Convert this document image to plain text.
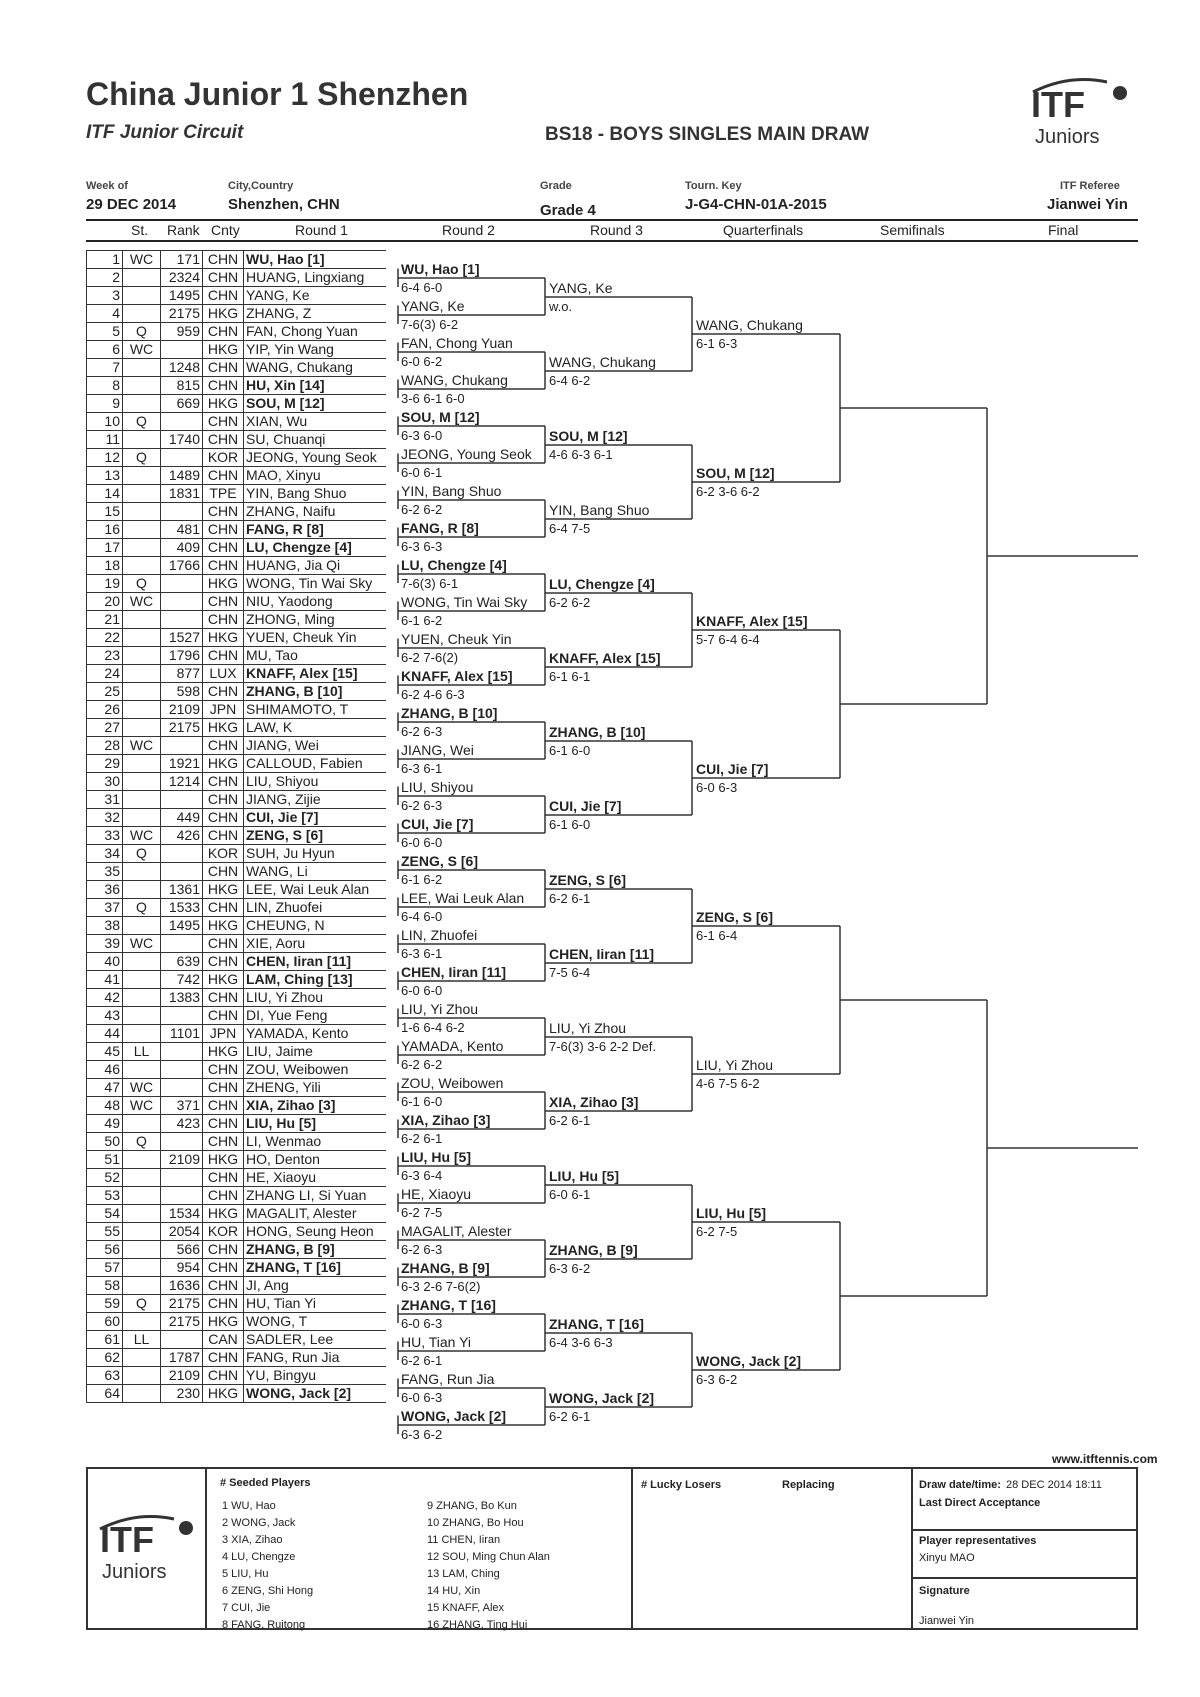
China Junior 1 Shenzhen
ITF Junior Circuit	BS18 - BOYS SINGLES MAIN DRAW
ITF
Juniors
Week of
29 DEC 2014
City,Country
Shenzhen, CHN
Grade
Grade 4
Tourn. Key
J-G4-CHN-01A-2015
ITF Referee
Jianwei Yin
St. Rank Cnty	Round 1	Round 2	Round 3	Quarterfinals	Semifinals	Final
1	WC	171	CHN	WU, Hao [1]
2		2324	CHN	HUANG, Lingxiang
3		1495	CHN	YANG, Ke
4		2175	HKG	ZHANG, Z
5	Q	959	CHN	FAN, Chong Yuan
6	WC		HKG	YIP, Yin Wang
7		1248	CHN	WANG, Chukang
8		815	CHN	HU, Xin [14]
9		669	HKG	SOU, M [12]
10	Q		CHN	XIAN, Wu
11		1740	CHN	SU, Chuanqi
12	Q		KOR	JEONG, Young Seok
13		1489	CHN	MAO, Xinyu
14		1831	TPE	YIN, Bang Shuo
15			CHN	ZHANG, Naifu
16		481	CHN	FANG, R [8]
17		409	CHN	LU, Chengze [4]
18		1766	CHN	HUANG, Jia Qi
19	Q		HKG	WONG, Tin Wai Sky
20	WC		CHN	NIU, Yaodong
21			CHN	ZHONG, Ming
22		1527	HKG	YUEN, Cheuk Yin
23		1796	CHN	MU, Tao
24		877	LUX	KNAFF, Alex [15]
25		598	CHN	ZHANG, B [10]
26		2109	JPN	SHIMAMOTO, T
27		2175	HKG	LAW, K
28	WC		CHN	JIANG, Wei
29		1921	HKG	CALLOUD, Fabien
30		1214	CHN	LIU, Shiyou
31			CHN	JIANG, Zijie
32		449	CHN	CUI, Jie [7]
33	WC	426	CHN	ZENG, S [6]
34	Q		KOR	SUH, Ju Hyun
35			CHN	WANG, Li
36		1361	HKG	LEE, Wai Leuk Alan
37	Q	1533	CHN	LIN, Zhuofei
38		1495	HKG	CHEUNG, N
39	WC		CHN	XIE, Aoru
40		639	CHN	CHEN, Iiran [11]
41		742	HKG	LAM, Ching [13]
42		1383	CHN	LIU, Yi Zhou
43			CHN	DI, Yue Feng
44		1101	JPN	YAMADA, Kento
45	LL		HKG	LIU, Jaime
46			CHN	ZOU, Weibowen
47	WC		CHN	ZHENG, Yili
48	WC	371	CHN	XIA, Zihao [3]
49		423	CHN	LIU, Hu [5]
50	Q		CHN	LI, Wenmao
51		2109	HKG	HO, Denton
52			CHN	HE, Xiaoyu
53			CHN	ZHANG LI, Si Yuan
54		1534	HKG	MAGALIT, Alester
55		2054	KOR	HONG, Seung Heon
56		566	CHN	ZHANG, B [9]
57		954	CHN	ZHANG, T [16]
58		1636	CHN	JI, Ang
59	Q	2175	CHN	HU, Tian Yi
60		2175	HKG	WONG, T
61	LL		CAN	SADLER, Lee
62		1787	CHN	FANG, Run Jia
63		2109	CHN	YU, Bingyu
64		230	HKG	WONG, Jack [2]
WU, Hao [1]
6-4 6-0
YANG, Ke
7-6(3) 6-2
FAN, Chong Yuan
6-0 6-2
WANG, Chukang
3-6 6-1 6-0
SOU, M [12]
6-3 6-0
JEONG, Young Seok
6-0 6-1
YIN, Bang Shuo
6-2 6-2
FANG, R [8]
6-3 6-3
LU, Chengze [4]
7-6(3) 6-1
WONG, Tin Wai Sky
6-1 6-2
YUEN, Cheuk Yin
6-2 7-6(2)
KNAFF, Alex [15]
6-2 4-6 6-3
ZHANG, B [10]
6-2 6-3
JIANG, Wei
6-3 6-1
LIU, Shiyou
6-2 6-3
CUI, Jie [7]
6-0 6-0
ZENG, S [6]
6-1 6-2
LEE, Wai Leuk Alan
6-4 6-0
LIN, Zhuofei
6-3 6-1
CHEN, Iiran [11]
6-0 6-0
LIU, Yi Zhou
1-6 6-4 6-2
YAMADA, Kento
6-2 6-2
ZOU, Weibowen
6-1 6-0
XIA, Zihao [3]
6-2 6-1
LIU, Hu [5]
6-3 6-4
HE, Xiaoyu
6-2 7-5
MAGALIT, Alester
6-2 6-3
ZHANG, B [9]
6-3 2-6 7-6(2)
ZHANG, T [16]
6-0 6-3
HU, Tian Yi
6-2 6-1
FANG, Run Jia
6-0 6-3
WONG, Jack [2]
6-3 6-2
YANG, Ke
w.o.
WANG, Chukang
6-4 6-2
SOU, M [12]
4-6 6-3 6-1
YIN, Bang Shuo
6-4 7-5
LU, Chengze [4]
6-2 6-2
KNAFF, Alex [15]
6-1 6-1
ZHANG, B [10]
6-1 6-0
CUI, Jie [7]
6-1 6-0
ZENG, S [6]
6-2 6-1
CHEN, Iiran [11]
7-5 6-4
LIU, Yi Zhou
7-6(3) 3-6 2-2 Def.
XIA, Zihao [3]
6-2 6-1
LIU, Hu [5]
6-0 6-1
ZHANG, B [9]
6-3 6-2
ZHANG, T [16]
6-4 3-6 6-3
WONG, Jack [2]
6-2 6-1
WANG, Chukang
6-1 6-3
SOU, M [12]
6-2 3-6 6-2
KNAFF, Alex [15]
5-7 6-4 6-4
CUI, Jie [7]
6-0 6-3
ZENG, S [6]
6-1 6-4
LIU, Yi Zhou
4-6 7-5 6-2
LIU, Hu [5]
6-2 7-5
WONG, Jack [2]
6-3 6-2
www.itftennis.com
ITF
Juniors
# Seeded Players
1 WU, Hao
2 WONG, Jack
3 XIA, Zihao
4 LU, Chengze
5 LIU, Hu
6 ZENG, Shi Hong
7 CUI, Jie
8 FANG, Ruitong
9 ZHANG, Bo Kun
10 ZHANG, Bo Hou
11 CHEN, Iiran
12 SOU, Ming Chun Alan
13 LAM, Ching
14 HU, Xin
15 KNAFF, Alex
16 ZHANG, Ting Hui
# Lucky Losers	Replacing	Draw date/time: 28 DEC 2014 18:11
Last Direct Acceptance
Player representatives
Xinyu MAO
Signature
Jianwei Yin
